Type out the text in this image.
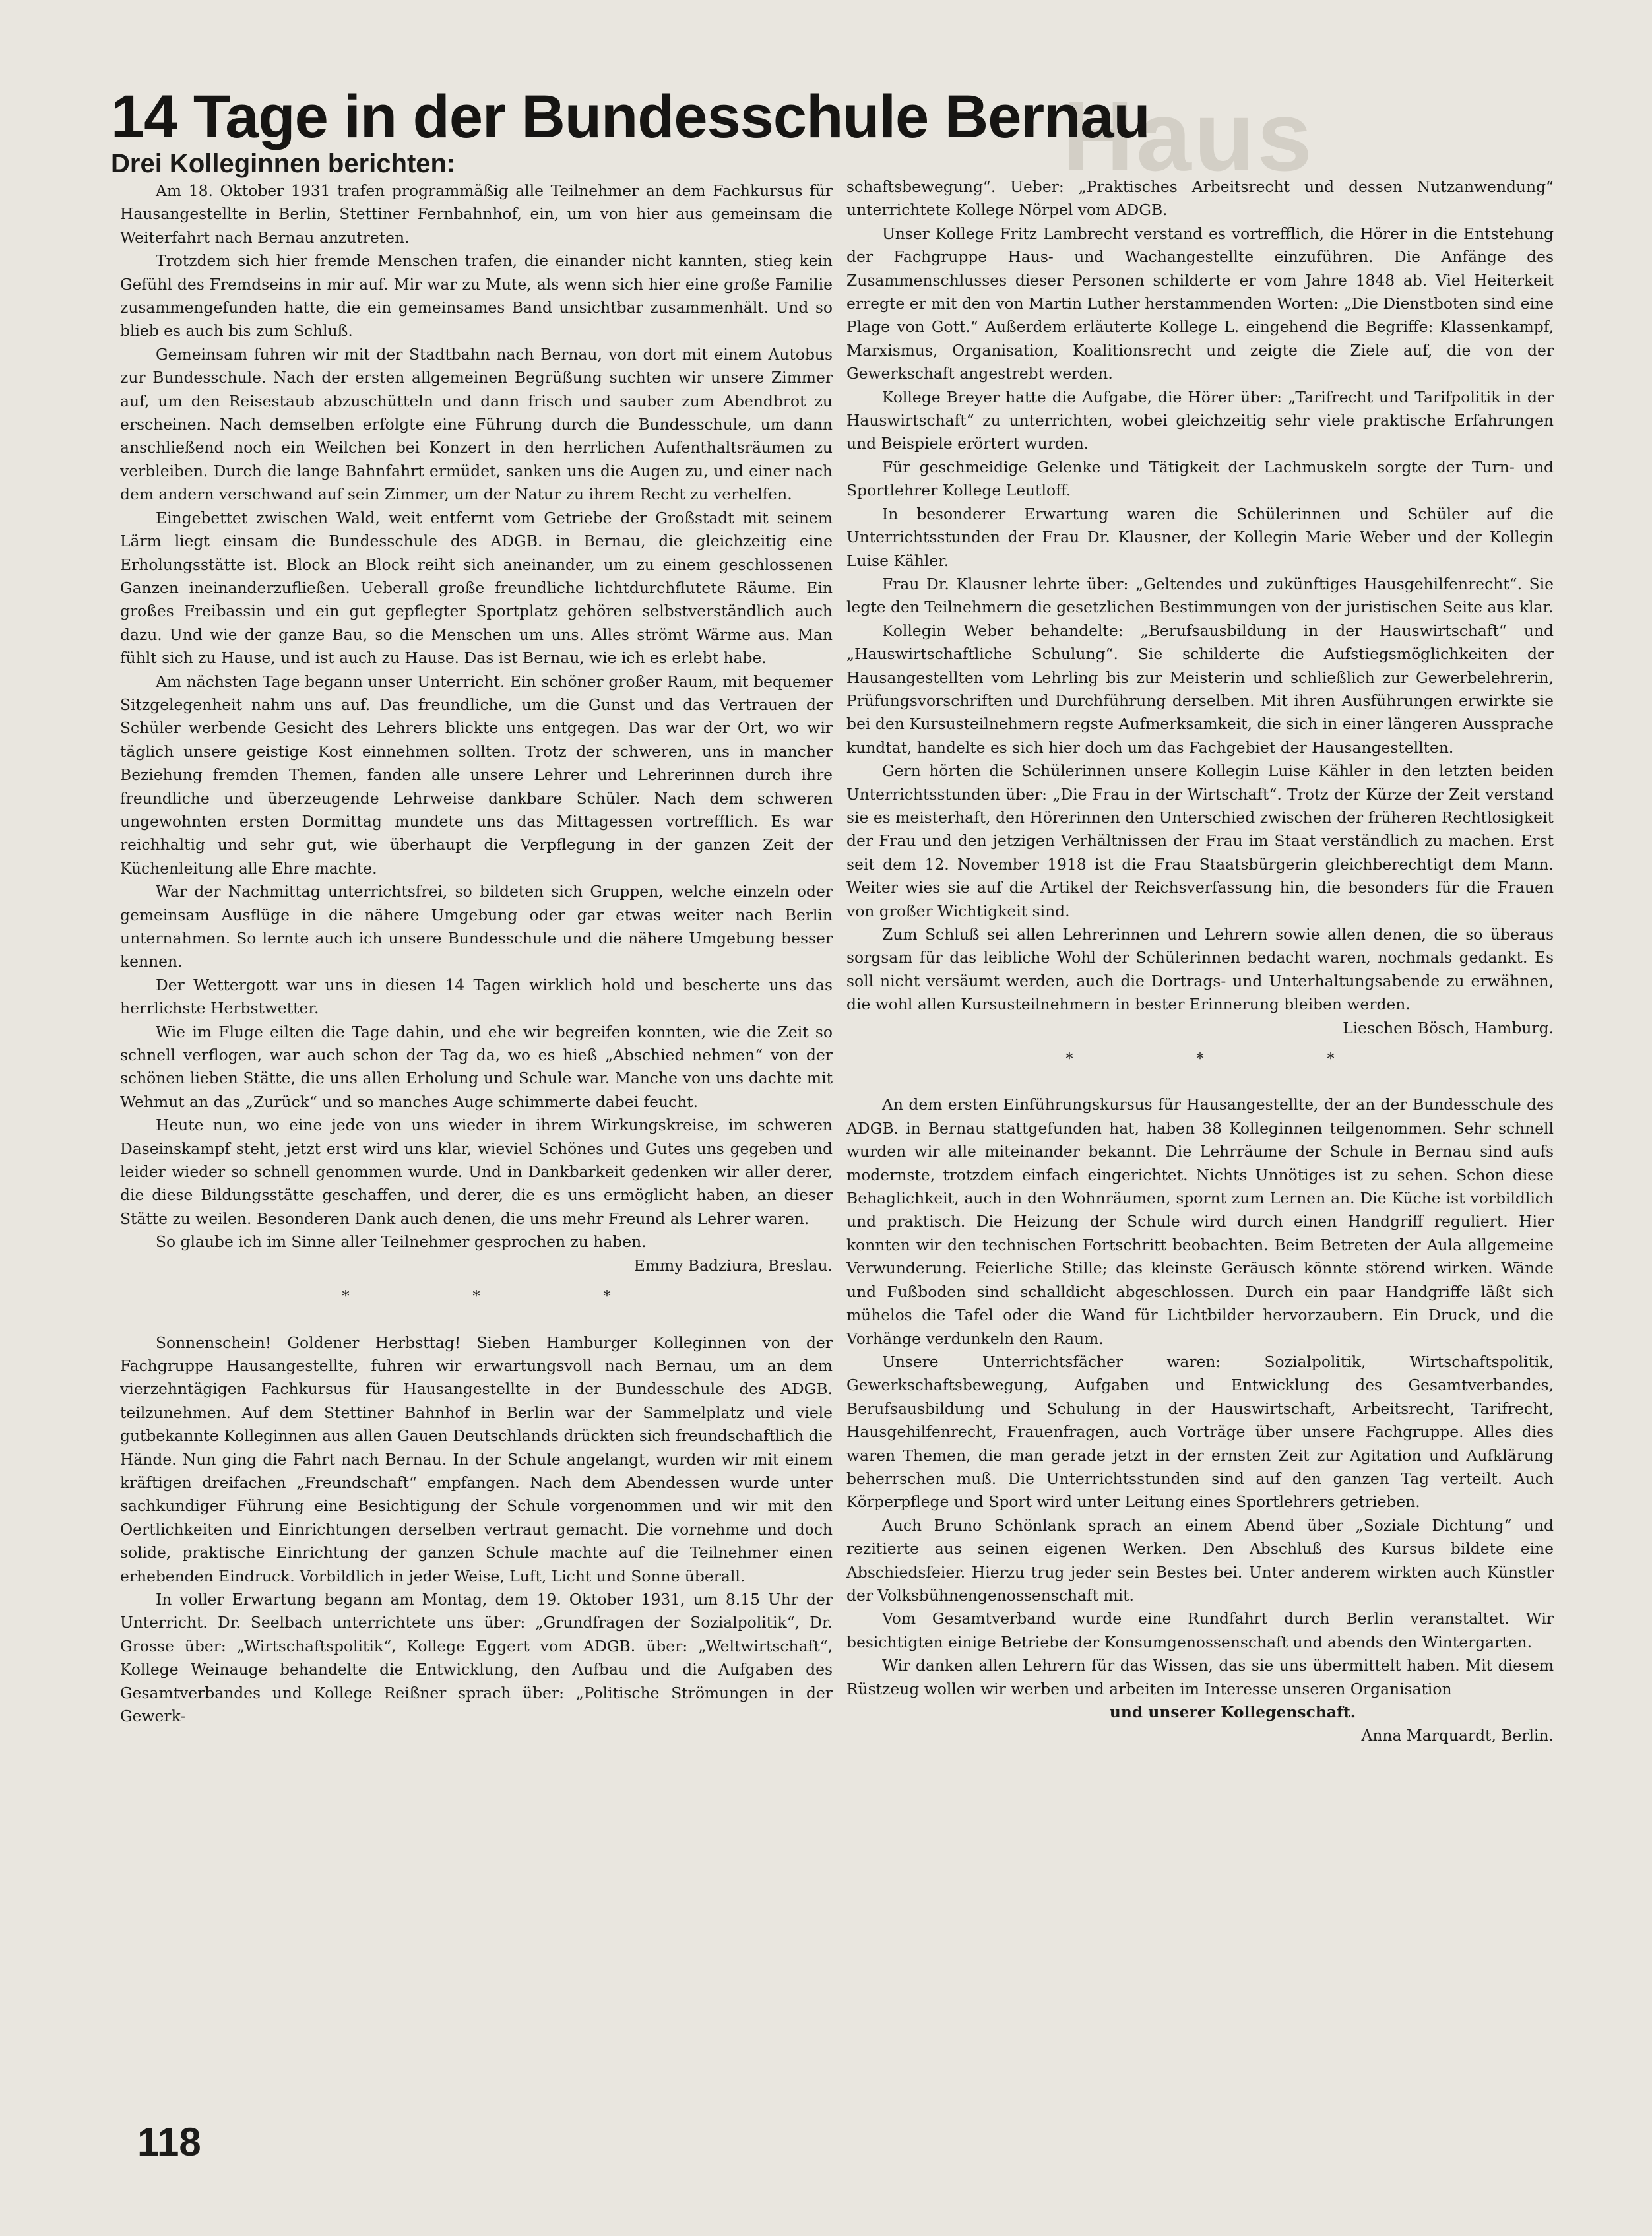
Haus
14 Tage in der Bundesschule Bernau
Drei Kolleginnen berichten:

Am 18. Oktober 1931 trafen programmäßig alle Teilnehmer an dem Fachkursus für Hausangestellte in Berlin, Stettiner Fernbahnhof, ein, um von hier aus gemeinsam die Weiterfahrt nach Bernau anzutreten.

Trotzdem sich hier fremde Menschen trafen, die einander nicht kannten, stieg kein Gefühl des Fremdseins in mir auf. Mir war zu Mute, als wenn sich hier eine große Familie zusammengefunden hatte, die ein gemeinsames Band unsichtbar zusammenhält. Und so blieb es auch bis zum Schluß.

Gemeinsam fuhren wir mit der Stadtbahn nach Bernau, von dort mit einem Autobus zur Bundesschule. Nach der ersten allgemeinen Begrüßung suchten wir unsere Zimmer auf, um den Reisestaub abzuschütteln und dann frisch und sauber zum Abendbrot zu erscheinen. Nach demselben erfolgte eine Führung durch die Bundesschule, um dann anschließend noch ein Weilchen bei Konzert in den herrlichen Aufenthaltsräumen zu verbleiben. Durch die lange Bahnfahrt ermüdet, sanken uns die Augen zu, und einer nach dem andern verschwand auf sein Zimmer, um der Natur zu ihrem Recht zu verhelfen.

Eingebettet zwischen Wald, weit entfernt vom Getriebe der Großstadt mit seinem Lärm liegt einsam die Bundesschule des ADGB. in Bernau, die gleichzeitig eine Erholungsstätte ist. Block an Block reiht sich aneinander, um zu einem geschlossenen Ganzen ineinanderzufließen. Ueberall große freundliche lichtdurchflutete Räume. Ein großes Freibassin und ein gut gepflegter Sportplatz gehören selbstverständlich auch dazu. Und wie der ganze Bau, so die Menschen um uns. Alles strömt Wärme aus. Man fühlt sich zu Hause, und ist auch zu Hause. Das ist Bernau, wie ich es erlebt habe.

Am nächsten Tage begann unser Unterricht. Ein schöner großer Raum, mit bequemer Sitzgelegenheit nahm uns auf. Das freundliche, um die Gunst und das Vertrauen der Schüler werbende Gesicht des Lehrers blickte uns entgegen. Das war der Ort, wo wir täglich unsere geistige Kost einnehmen sollten. Trotz der schweren, uns in mancher Beziehung fremden Themen, fanden alle unsere Lehrer und Lehrerinnen durch ihre freundliche und überzeugende Lehrweise dankbare Schüler. Nach dem schweren ungewohnten ersten Dormittag mundete uns das Mittagessen vortrefflich. Es war reichhaltig und sehr gut, wie überhaupt die Verpflegung in der ganzen Zeit der Küchenleitung alle Ehre machte.

War der Nachmittag unterrichtsfrei, so bildeten sich Gruppen, welche einzeln oder gemeinsam Ausflüge in die nähere Umgebung oder gar etwas weiter nach Berlin unternahmen. So lernte auch ich unsere Bundesschule und die nähere Umgebung besser kennen.

Der Wettergott war uns in diesen 14 Tagen wirklich hold und bescherte uns das herrlichste Herbstwetter.

Wie im Fluge eilten die Tage dahin, und ehe wir begreifen konnten, wie die Zeit so schnell verflogen, war auch schon der Tag da, wo es hieß „Abschied nehmen“ von der schönen lieben Stätte, die uns allen Erholung und Schule war. Manche von uns dachte mit Wehmut an das „Zurück“ und so manches Auge schimmerte dabei feucht.

Heute nun, wo eine jede von uns wieder in ihrem Wirkungskreise, im schweren Daseinskampf steht, jetzt erst wird uns klar, wieviel Schönes und Gutes uns gegeben und leider wieder so schnell genommen wurde. Und in Dankbarkeit gedenken wir aller derer, die diese Bildungsstätte geschaffen, und derer, die es uns ermöglicht haben, an dieser Stätte zu weilen. Besonderen Dank auch denen, die uns mehr Freund als Lehrer waren.

So glaube ich im Sinne aller Teilnehmer gesprochen zu haben.

Emmy Badziura, Breslau.

* * *

Sonnenschein! Goldener Herbsttag! Sieben Hamburger Kolleginnen von der Fachgruppe Hausangestellte, fuhren wir erwartungsvoll nach Bernau, um an dem vierzehntägigen Fachkursus für Hausangestellte in der Bundesschule des ADGB. teilzunehmen. Auf dem Stettiner Bahnhof in Berlin war der Sammelplatz und viele gutbekannte Kolleginnen aus allen Gauen Deutschlands drückten sich freundschaftlich die Hände. Nun ging die Fahrt nach Bernau. In der Schule angelangt, wurden wir mit einem kräftigen dreifachen „Freundschaft“ empfangen. Nach dem Abendessen wurde unter sachkundiger Führung eine Besichtigung der Schule vorgenommen und wir mit den Oertlichkeiten und Einrichtungen derselben vertraut gemacht. Die vornehme und doch solide, praktische Einrichtung der ganzen Schule machte auf die Teilnehmer einen erhebenden Eindruck. Vorbildlich in jeder Weise, Luft, Licht und Sonne überall.

In voller Erwartung begann am Montag, dem 19. Oktober 1931, um 8.15 Uhr der Unterricht. Dr. Seelbach unterrichtete uns über: „Grundfragen der Sozialpolitik“, Dr. Grosse über: „Wirtschaftspolitik“, Kollege Eggert vom ADGB. über: „Weltwirtschaft“, Kollege Weinauge behandelte die Entwicklung, den Aufbau und die Aufgaben des Gesamtverbandes und Kollege Reißner sprach über: „Politische Strömungen in der Gewerk-

schaftsbewegung“. Ueber: „Praktisches Arbeitsrecht und dessen Nutzanwendung“ unterrichtete Kollege Nörpel vom ADGB.

Unser Kollege Fritz Lambrecht verstand es vortrefflich, die Hörer in die Entstehung der Fachgruppe Haus- und Wachangestellte einzuführen. Die Anfänge des Zusammenschlusses dieser Personen schilderte er vom Jahre 1848 ab. Viel Heiterkeit erregte er mit den von Martin Luther herstammenden Worten: „Die Dienstboten sind eine Plage von Gott.“ Außerdem erläuterte Kollege L. eingehend die Begriffe: Klassenkampf, Marxismus, Organisation, Koalitionsrecht und zeigte die Ziele auf, die von der Gewerkschaft angestrebt werden.

Kollege Breyer hatte die Aufgabe, die Hörer über: „Tarifrecht und Tarifpolitik in der Hauswirtschaft“ zu unterrichten, wobei gleichzeitig sehr viele praktische Erfahrungen und Beispiele erörtert wurden.

Für geschmeidige Gelenke und Tätigkeit der Lachmuskeln sorgte der Turn- und Sportlehrer Kollege Leutloff.

In besonderer Erwartung waren die Schülerinnen und Schüler auf die Unterrichtsstunden der Frau Dr. Klausner, der Kollegin Marie Weber und der Kollegin Luise Kähler.

Frau Dr. Klausner lehrte über: „Geltendes und zukünftiges Hausgehilfenrecht“. Sie legte den Teilnehmern die gesetzlichen Bestimmungen von der juristischen Seite aus klar.

Kollegin Weber behandelte: „Berufsausbildung in der Hauswirtschaft“ und „Hauswirtschaftliche Schulung“. Sie schilderte die Aufstiegsmöglichkeiten der Hausangestellten vom Lehrling bis zur Meisterin und schließlich zur Gewerbelehrerin, Prüfungsvorschriften und Durchführung derselben. Mit ihren Ausführungen erwirkte sie bei den Kursusteilnehmern regste Aufmerksamkeit, die sich in einer längeren Aussprache kundtat, handelte es sich hier doch um das Fachgebiet der Hausangestellten.

Gern hörten die Schülerinnen unsere Kollegin Luise Kähler in den letzten beiden Unterrichtsstunden über: „Die Frau in der Wirtschaft“. Trotz der Kürze der Zeit verstand sie es meisterhaft, den Hörerinnen den Unterschied zwischen der früheren Rechtlosigkeit der Frau und den jetzigen Verhältnissen der Frau im Staat verständlich zu machen. Erst seit dem 12. November 1918 ist die Frau Staatsbürgerin gleichberechtigt dem Mann. Weiter wies sie auf die Artikel der Reichsverfassung hin, die besonders für die Frauen von großer Wichtigkeit sind.

Zum Schluß sei allen Lehrerinnen und Lehrern sowie allen denen, die so überaus sorgsam für das leibliche Wohl der Schülerinnen bedacht waren, nochmals gedankt. Es soll nicht versäumt werden, auch die Dortrags- und Unterhaltungsabende zu erwähnen, die wohl allen Kursusteilnehmern in bester Erinnerung bleiben werden.

Lieschen Bösch, Hamburg.

* * *

An dem ersten Einführungskursus für Hausangestellte, der an der Bundesschule des ADGB. in Bernau stattgefunden hat, haben 38 Kolleginnen teilgenommen. Sehr schnell wurden wir alle miteinander bekannt. Die Lehrräume der Schule in Bernau sind aufs modernste, trotzdem einfach eingerichtet. Nichts Unnötiges ist zu sehen. Schon diese Behaglichkeit, auch in den Wohnräumen, spornt zum Lernen an. Die Küche ist vorbildlich und praktisch. Die Heizung der Schule wird durch einen Handgriff reguliert. Hier konnten wir den technischen Fortschritt beobachten. Beim Betreten der Aula allgemeine Verwunderung. Feierliche Stille; das kleinste Geräusch könnte störend wirken. Wände und Fußboden sind schalldicht abgeschlossen. Durch ein paar Handgriffe läßt sich mühelos die Tafel oder die Wand für Lichtbilder hervorzaubern. Ein Druck, und die Vorhänge verdunkeln den Raum.

Unsere Unterrichtsfächer waren: Sozialpolitik, Wirtschaftspolitik, Gewerkschaftsbewegung, Aufgaben und Entwicklung des Gesamtverbandes, Berufsausbildung und Schulung in der Hauswirtschaft, Arbeitsrecht, Tarifrecht, Hausgehilfenrecht, Frauenfragen, auch Vorträge über unsere Fachgruppe. Alles dies waren Themen, die man gerade jetzt in der ernsten Zeit zur Agitation und Aufklärung beherrschen muß. Die Unterrichtsstunden sind auf den ganzen Tag verteilt. Auch Körperpflege und Sport wird unter Leitung eines Sportlehrers getrieben.

Auch Bruno Schönlank sprach an einem Abend über „Soziale Dichtung“ und rezitierte aus seinen eigenen Werken. Den Abschluß des Kursus bildete eine Abschiedsfeier. Hierzu trug jeder sein Bestes bei. Unter anderem wirkten auch Künstler der Volksbühnengenossenschaft mit.

Vom Gesamtverband wurde eine Rundfahrt durch Berlin veranstaltet. Wir besichtigten einige Betriebe der Konsumgenossenschaft und abends den Wintergarten.

Wir danken allen Lehrern für das Wissen, das sie uns übermittelt haben. Mit diesem Rüstzeug wollen wir werben und arbeiten im Interesse unseren Organisation

und unserer Kollegenschaft.

Anna Marquardt, Berlin.

118
